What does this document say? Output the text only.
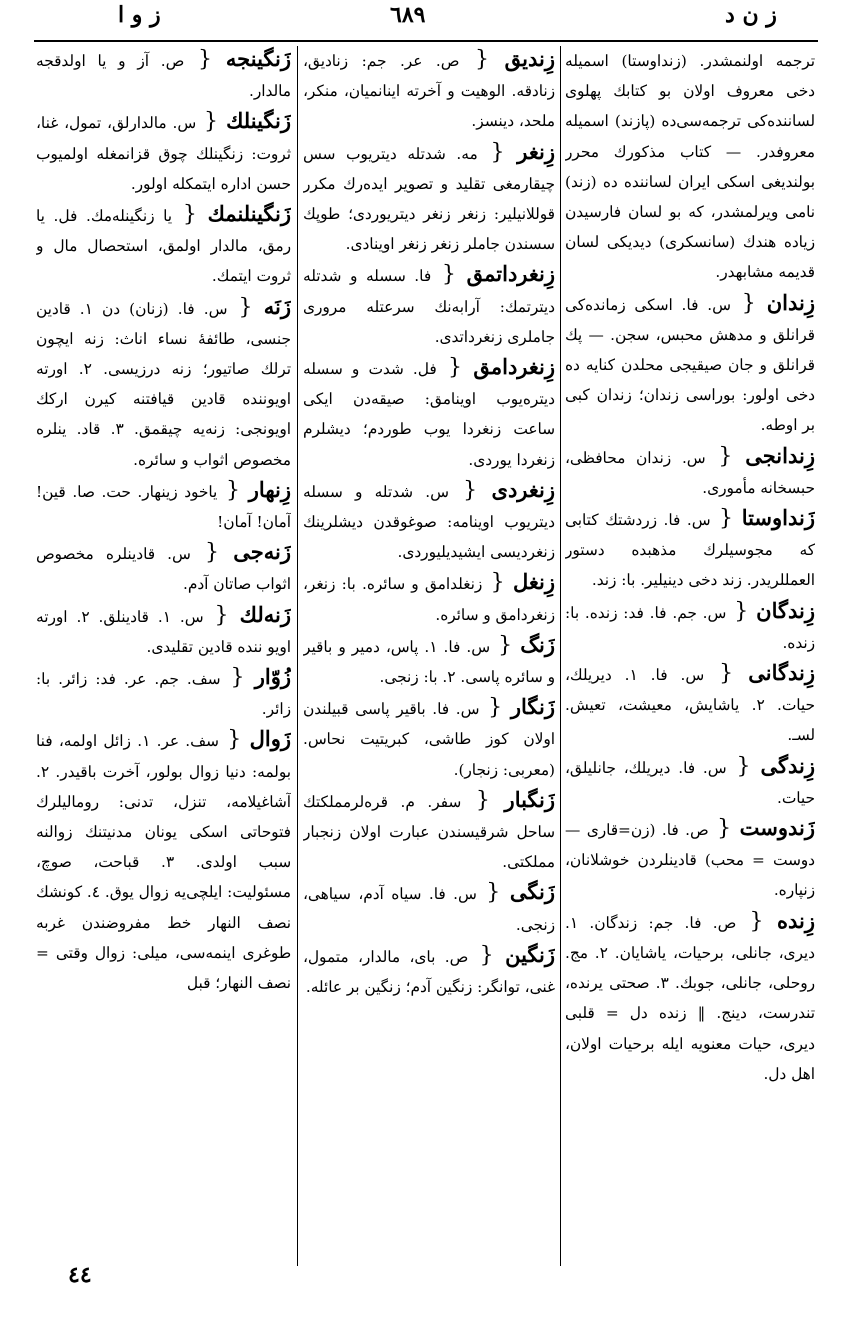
ز و ا	٦٨٩	ز ن د
ترجمه اولنمشدر. (زنداوستا) اسمیله دخی معروف اولان بو کتابك پهلوی لساننده‌کی ترجمه‌سی‌ده (پازند) اسمیله معروفدر. — کتاب مذکورك محرر بولندیغی اسکی ایران لساننده ده (زند) نامی ویرلمشدر، که بو لسان فارسیدن زیاده هندك (سانسکری) دیدیکی لسان قدیمه مشابهدر.
زِندان { س. فا. اسکی زمانده‌کی قرانلق و مدهش محبس، سجن. — پك قرانلق و جان صیقیجی محلدن کنایه ده دخی اولور: بورا‌سی زندان؛ زندان کبی بر اوطه.
زِندانجی { س. زندان محافظی، حبسخانه مأموری.
زَنداوستا { س. فا. زردشتك کتابی که مجوسیلرك مذهبده دستور العمللریدر. زند دخی دینیلیر. با: زند.
زِندگان { س. جم. فا. فد: زنده. با: زنده.
زِندگانی { س. فا. ١. دیریلك، حیات. ٢. یاشایش، معیشت، تعیش. لسـ.
زِندگی { س. فا. دیریلك، جانلیلق، حیات.
زَندوست { ص. فا. (زن=قاری — دوست = محب) قادینلردن خوشلانان، زنپاره.
زِنده { ص. فا. جم: زندگان. ١. دیری، جانلی، برحیات، یاشایان. ٢. مج. روحلی، جانلی، جوبك. ٣. صحتی یرنده، تندرست، دینج. ‖ زنده دل = قلبی دیری، حیات معنویه ایله برحیات اولان، اهل دل.
زِندیق { ص. عر. جم: زنادیق، زنادقه. الوهیت و آخرته اینانمیان، منکر، ملحد، دینسز.
زِنغر { مه. شدتله دیتریوب سس چیقارمغی تقلید و تصویر ایده‌رك مکرر قوللانیلیر: زنغر زنغر دیتریوردی؛ طوپك سسندن جاملر زنغر زنغر اوینادی.
زِنغرداتمق { فا. سسله و شدتله دیترتمك: آرابه‌نك سرعتله مروری جاملری زنغرداتدی.
زِنغردامق { فل. شدت و سسله دیتره‌یوب اوینامق: صیقه‌دن ایکی ساعت زنغردا یوب طوردم؛ دیشلرم زنغردا یوردی.
زِنغردی { س. شدتله و سسله دیتریوب اوینامه: صوغوقدن دیشلرینك زنغردیسی ایشیدیلیوردی.
زِنغل { زنغلدامق و سائره. با: زنغر، زنغردامق و سائره.
زَنگ { س. فا. ١. پاس، دمیر و باقیر و سائره پاسی. ٢. با: زنجی.
زَنگار { س. فا. باقیر پاسی قبیلندن اولان کوز طاشی، کبریتیت نحاس. (معربی: زنجار).
زَنگبار { سفر. م. قره‌لرمملکتك ساحل شرقیسندن عبارت اولان زنجبار مملکتی.
زَنگی { س. فا. سیاه آدم، سیاهی، زنجی.
زَنگین { ص. بای، مالدار، متمول، غنی، توانگر: زنگین آدم؛ زنگین بر عائله.
زَنگینجه { ص. آز و یا اولدقجه مالدار.
زَنگینلك { س. مالدارلق، تمول، غنا، ثروت: زنگینلك چوق قزانمغله اولمیوب حسن اداره ایتمکله اولور.
زَنگینلنمك { یا زنگینله‌مك. فل. یا رمق، مالدار اولمق، استحصال مال و ثروت ایتمك.
زَنَه { س. فا. (زنان) دن ١. قادین جنسی، طائفهٔ نساء اناث: زنه ایچون ترلك صاتیور؛ زنه درزیسی. ٢. اورته اویو‌ننده قادین قیافتنه کیرن ارکك اویونجی: زنه‌یه چیقمق. ٣. قاد. ینلره مخصوص اثواب و سائره.
زِنهار { یاخود زینهار. حت. صا. قین! آمان! آمان!
زَنه‌جی { س. قادینلره مخصوص اثواب صاتان آدم.
زَنه‌لك { س. ١. قادینلق. ٢. اورته اویو ننده قادین تقلیدی.
زُوّار { سف. جم. عر. فد: زائر. با: زائر.
زَوال { سف. عر. ١. زائل اولمه، فنا بولمه: دنیا زوال بولور، آخرت باقیدر. ٢. آشاغیلامه، تنزل، تدنی: رومالیلرك فتوحاتی اسکی یونان مدنیتنك زوالنه سبب اولدی. ٣. قباحت، صوچ، مسئولیت: ایلچی‌یه زوال یوق. ٤. کونشك نصف النهار خط مفروضندن غربه طوغری اینمه‌سی، میلی: زوال وقتی = نصف النهار؛ قبل
٤٤
